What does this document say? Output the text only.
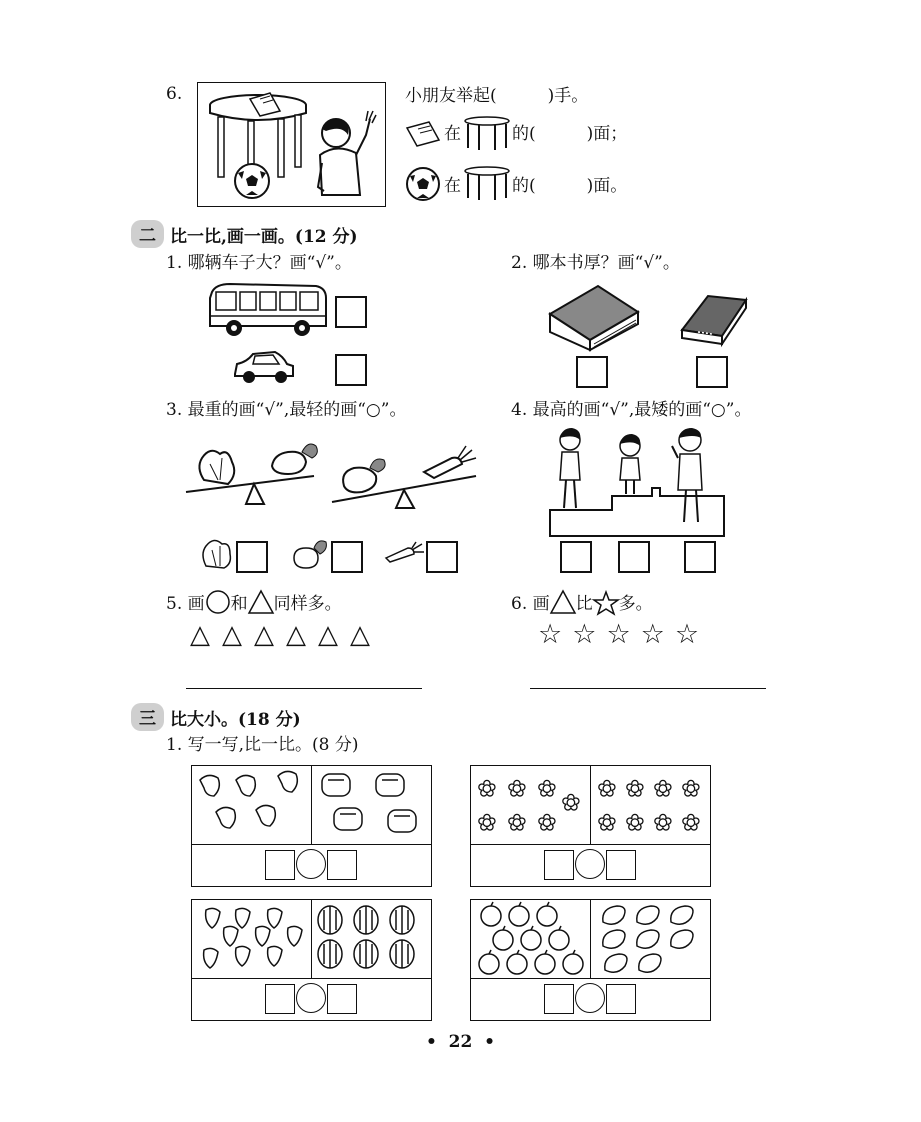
6.	小朋友举起(　　　)手。
在	的(　　　)面；
在	的(　　　)面。
二 比一比,画一画。(12 分)
1. 哪辆车子大？画“√”。	2. 哪本书厚？画“√”。
3. 最重的画“√”,最轻的画“○”。	4. 最高的画“√”,最矮的画“○”。
5. 画 和 同样多。
△ △ △ △ △ △
6. 画 比 多。
☆ ☆ ☆ ☆ ☆
三 比大小。(18 分)
1. 写一写,比一比。(8 分)
✿ ✿ ✿
✿
✿ ✿ ✿
✿ ✿ ✿ ✿
✿ ✿ ✿ ✿
•  22  •
